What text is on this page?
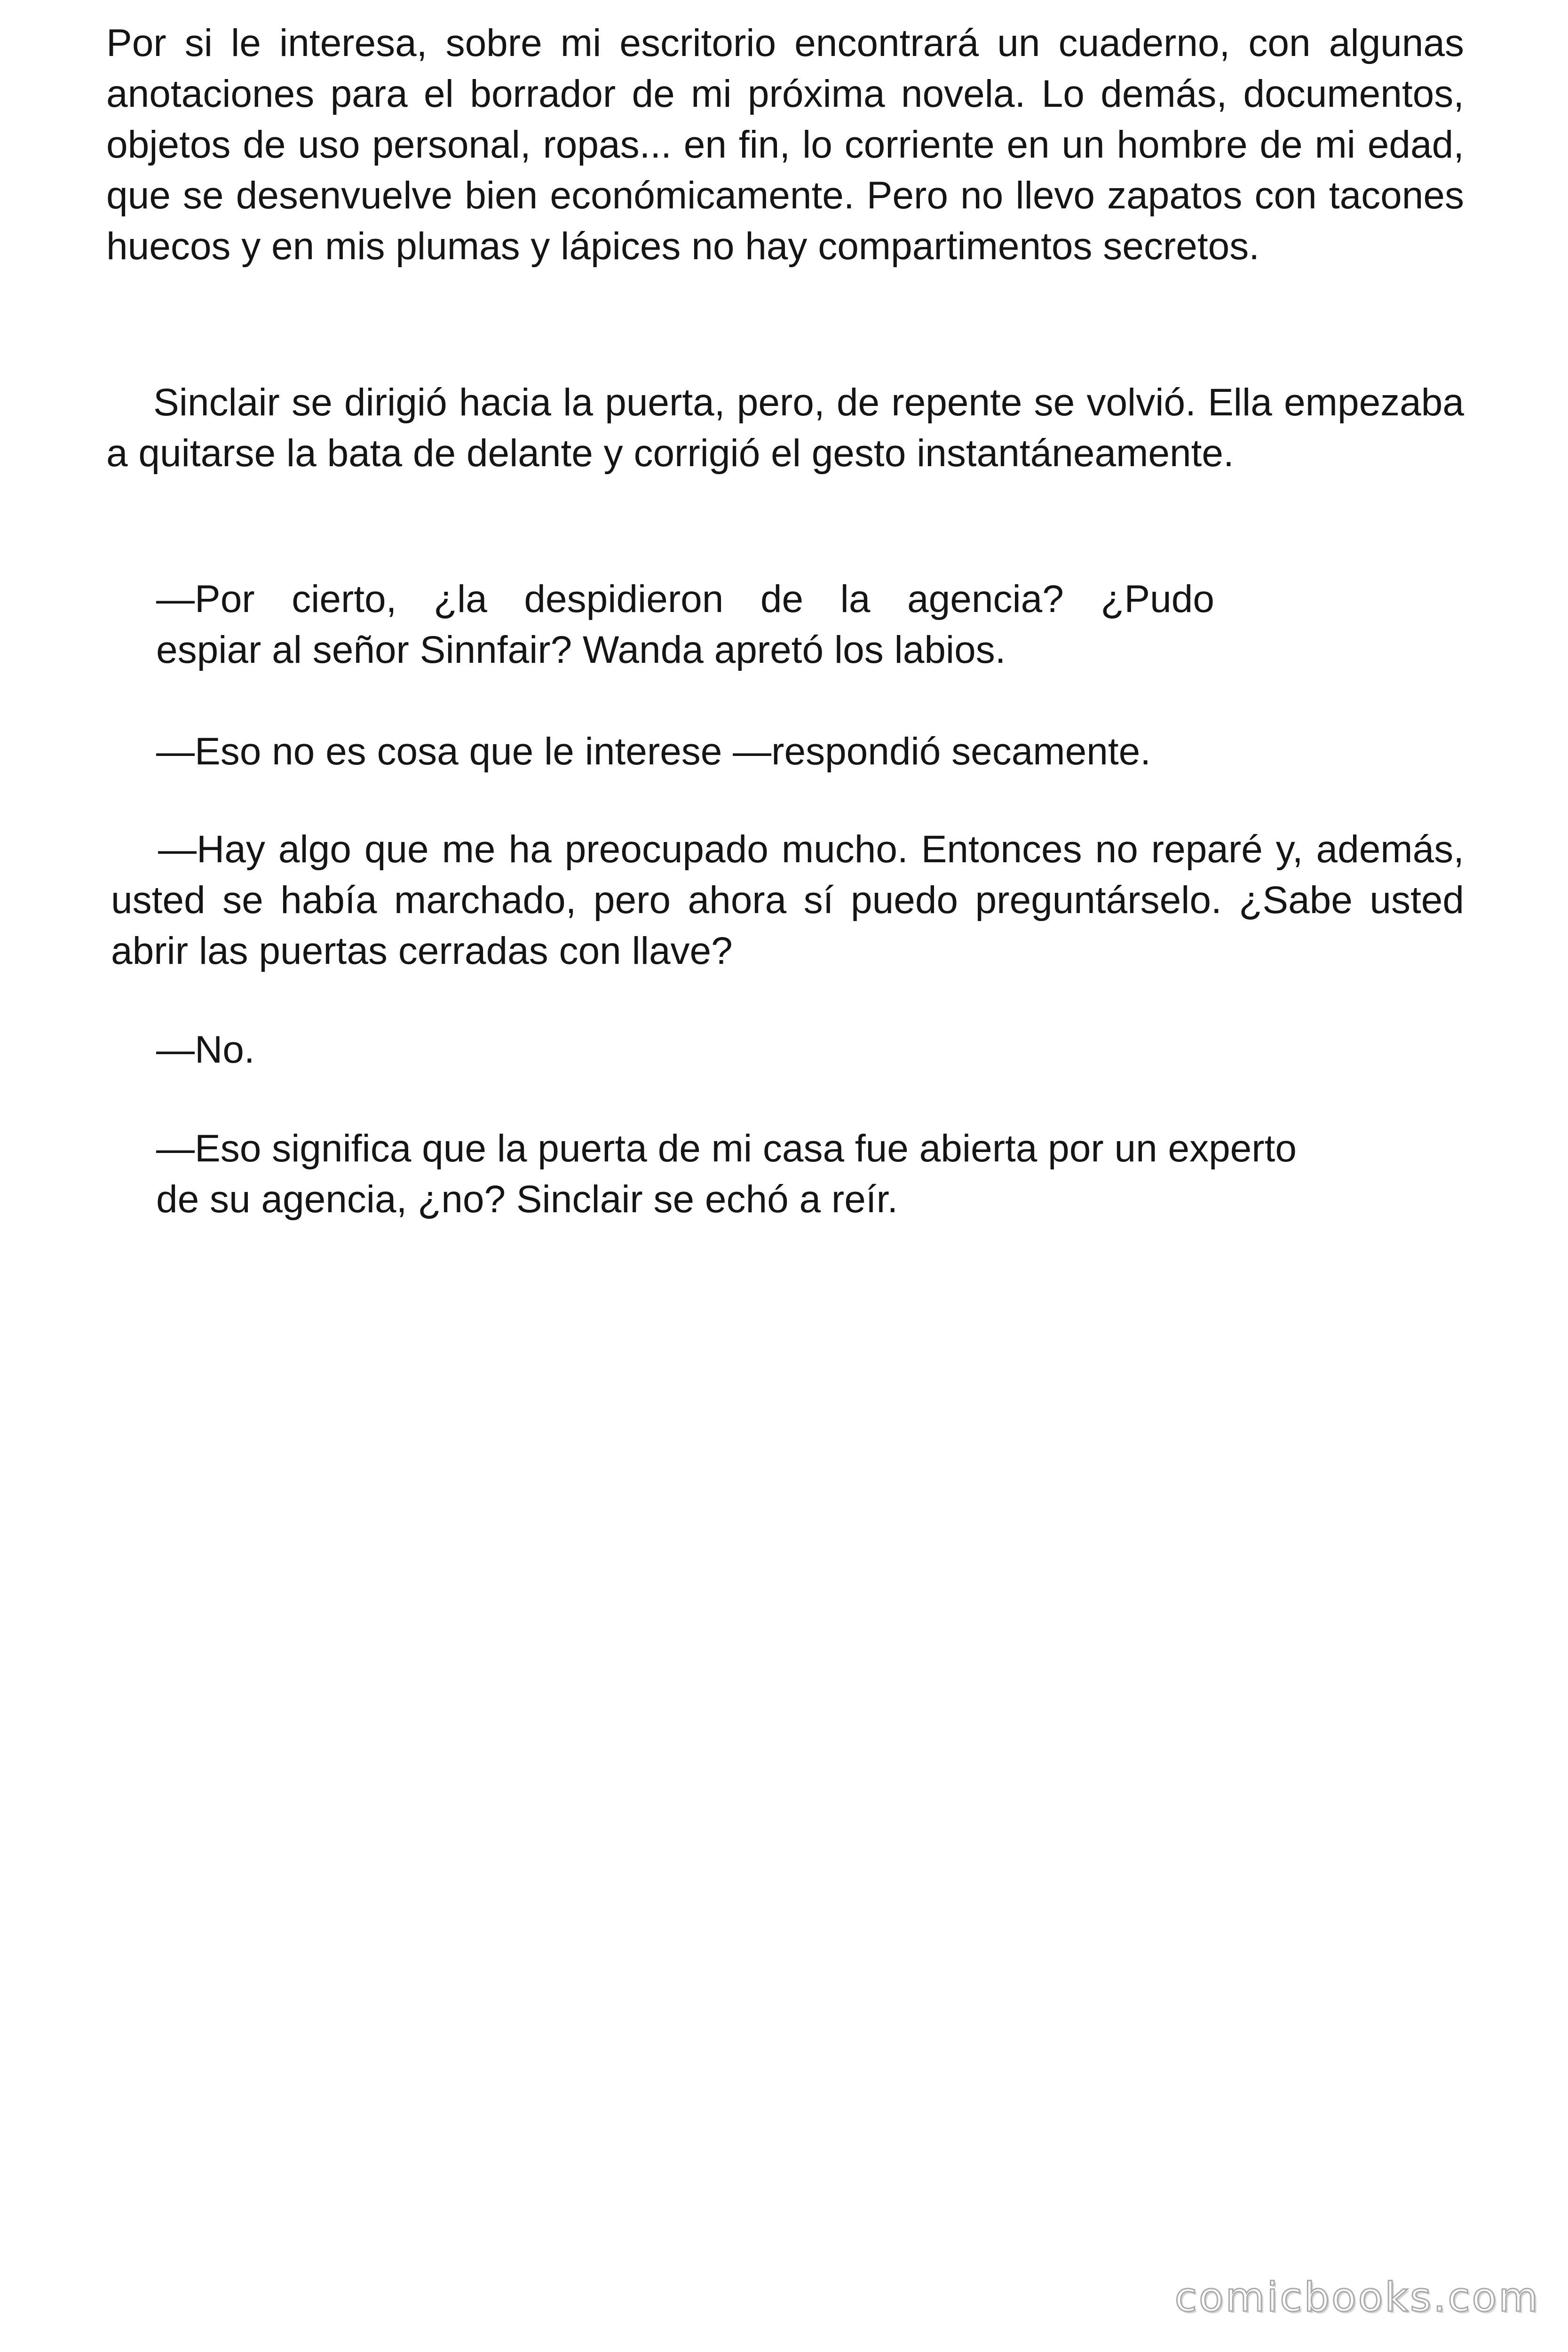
Por si le interesa, sobre mi escritorio encontrará un cuaderno, con algunas anotaciones para el borrador de mi próxima novela. Lo demás, documentos, objetos de uso personal, ropas... en fin, lo corriente en un hombre de mi edad, que se desenvuelve bien económicamente. Pero no llevo zapatos con tacones huecos y en mis plumas y lápices no hay compartimentos secretos.

Sinclair se dirigió hacia la puerta, pero, de repente se volvió. Ella empezaba a quitarse la bata de delante y corrigió el gesto instantáneamente.

—Por cierto, ¿la despidieron de la agencia? ¿Pudo

espiar al señor Sinnfair? Wanda apretó los labios.

—Eso no es cosa que le interese —respondió secamente.

—Hay algo que me ha preocupado mucho. Entonces no reparé y, además, usted se había marchado, pero ahora sí puedo preguntárselo. ¿Sabe usted abrir las puertas cerradas con llave?

—No.

—Eso significa que la puerta de mi casa fue abierta por un experto

de su agencia, ¿no? Sinclair se echó a reír.

comicbooks.com
